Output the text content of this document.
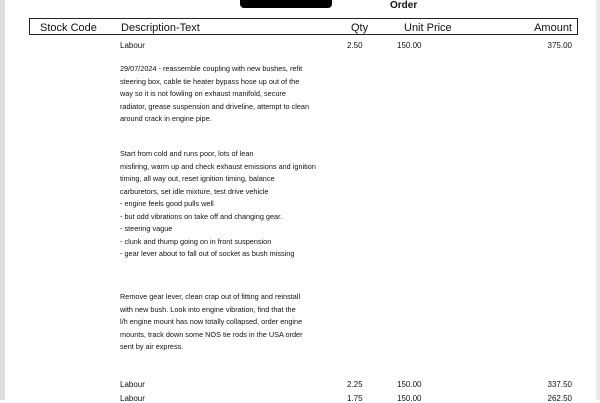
Order
Stock Code Description-Text	Qty	Unit Price	Amount
Labour	2.50	150.00	375.00
29/07/2024 - reassemble coupling with new bushes, refit
steering box, cable tie heater bypass hose up out of the
way so it is not fowling on exhaust manifold, secure
radiator, grease suspension and driveline, attempt to clean
around crack in engine pipe.
Start from cold and runs poor, lots of lean
misfiring, warm up and check exhaust emissions and ignition
timing, all way out, reset ignition timing, balance
carburetors, set idle mixture, test drive vehicle
- engine feels good pulls well
- but odd vibrations on take off and changing gear.
- steering vague
- clunk and thump going on in front suspension
- gear lever about to fall out of socket as bush missing
Remove gear lever, clean crap out of fitting and reinstall
with new bush. Look into engine vibration, find that the
l/h engine mount has now totally collapsed, order engine
mounts, track down some NOS tie rods in the USA order
sent by air express.
Labour	2.25	150.00	337.50
Labour	1.75	150.00	262.50
